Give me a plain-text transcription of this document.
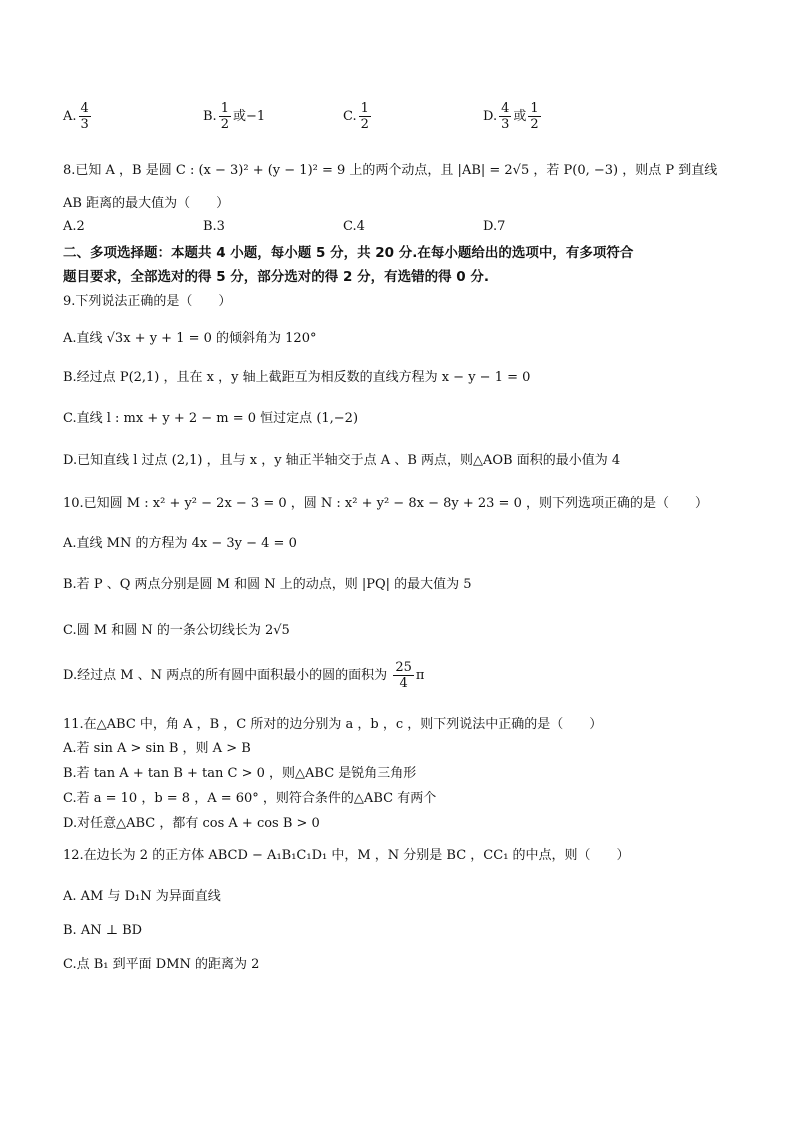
A. $\frac{4}{3}$	B. $\frac{1}{2}$ 或−1	C. $\frac{1}{2}$	D. $\frac{4}{3}$ 或 $\frac{1}{2}$
8.已知 A ，B 是圆 C : (x − 3)² + (y − 1)² = 9 上的两个动点，且 |AB| = 2√5 ，若 P(0, −3) ，则点 P 到直线
AB 距离的最大值为（　　）
A.2	B.3	C.4	D.7
二、多项选择题：本题共 4 小题，每小题 5 分，共 20 分.在每小题给出的选项中，有多项符合
题目要求，全部选对的得 5 分，部分选对的得 2 分，有选错的得 0 分.
9.下列说法正确的是（　　）
A.直线 √3x + y + 1 = 0 的倾斜角为 120°
B.经过点 P(2,1) ，且在 x ，y 轴上截距互为相反数的直线方程为 x − y − 1 = 0
C.直线 l : mx + y + 2 − m = 0 恒过定点 (1,−2)
D.已知直线 l 过点 (2,1) ，且与 x ，y 轴正半轴交于点 A 、B 两点，则△AOB 面积的最小值为 4
10.已知圆 M : x² + y² − 2x − 3 = 0 ，圆 N : x² + y² − 8x − 8y + 23 = 0 ，则下列选项正确的是（　　）
A.直线 MN 的方程为 4x − 3y − 4 = 0
B.若 P 、Q 两点分别是圆 M 和圆 N 上的动点，则 |PQ| 的最大值为 5
C.圆 M 和圆 N 的一条公切线长为 2√5
D.经过点 M 、N 两点的所有圆中面积最小的圆的面积为 $\frac{25}{4}$ π
11.在△ABC 中，角 A ，B ，C 所对的边分别为 a ，b ，c ，则下列说法中正确的是（　　）
A.若 sin A > sin B ，则 A > B
B.若 tan A + tan B + tan C > 0 ，则△ABC 是锐角三角形
C.若 a = 10 ，b = 8 ，A = 60° ，则符合条件的△ABC 有两个
D.对任意△ABC ，都有 cos A + cos B > 0
12.在边长为 2 的正方体 ABCD − A₁B₁C₁D₁ 中，M ，N 分别是 BC ，CC₁ 的中点，则（　　）
A. AM 与 D₁N 为异面直线
B. AN ⊥ BD
C.点 B₁ 到平面 DMN 的距离为 2
